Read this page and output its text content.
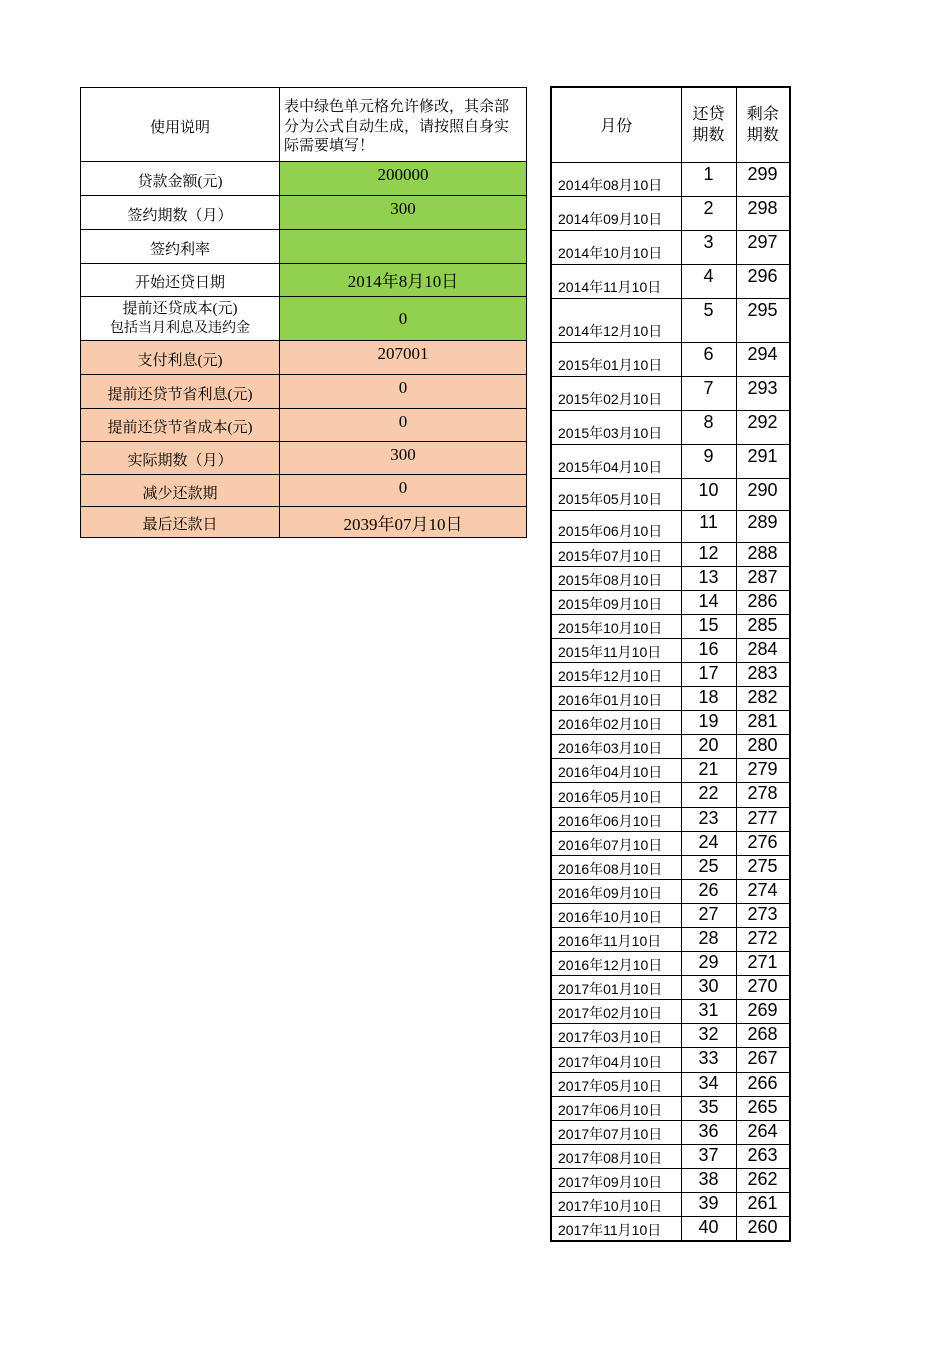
使用说明	表中绿色单元格允许修改，其余部分为公式自动生成，请按照自身实际需要填写！
贷款金额(元)	200000
签约期数（月）	300
签约利率	
开始还贷日期	2014年8月10日

提前还贷成本(元)
包括当月利息及违约金	0
支付利息(元)	207001
提前还贷节省利息(元)	0
提前还贷节省成本(元)	0
实际期数（月）	300
减少还款期	0
最后还款日	2039年07月10日
月份	还贷期数	剩余期数

2014年08月10日	1	299
2014年09月10日	2	298
2014年10月10日	3	297
2014年11月10日	4	296
2014年12月10日	5	295
2015年01月10日	6	294
2015年02月10日	7	293
2015年03月10日	8	292
2015年04月10日	9	291
2015年05月10日	10	290
2015年06月10日	11	289
2015年07月10日	12	288
2015年08月10日	13	287
2015年09月10日	14	286
2015年10月10日	15	285
2015年11月10日	16	284
2015年12月10日	17	283
2016年01月10日	18	282
2016年02月10日	19	281
2016年03月10日	20	280
2016年04月10日	21	279
2016年05月10日	22	278
2016年06月10日	23	277
2016年07月10日	24	276
2016年08月10日	25	275
2016年09月10日	26	274
2016年10月10日	27	273
2016年11月10日	28	272
2016年12月10日	29	271
2017年01月10日	30	270
2017年02月10日	31	269
2017年03月10日	32	268
2017年04月10日	33	267
2017年05月10日	34	266
2017年06月10日	35	265
2017年07月10日	36	264
2017年08月10日	37	263
2017年09月10日	38	262
2017年10月10日	39	261
2017年11月10日	40	260
